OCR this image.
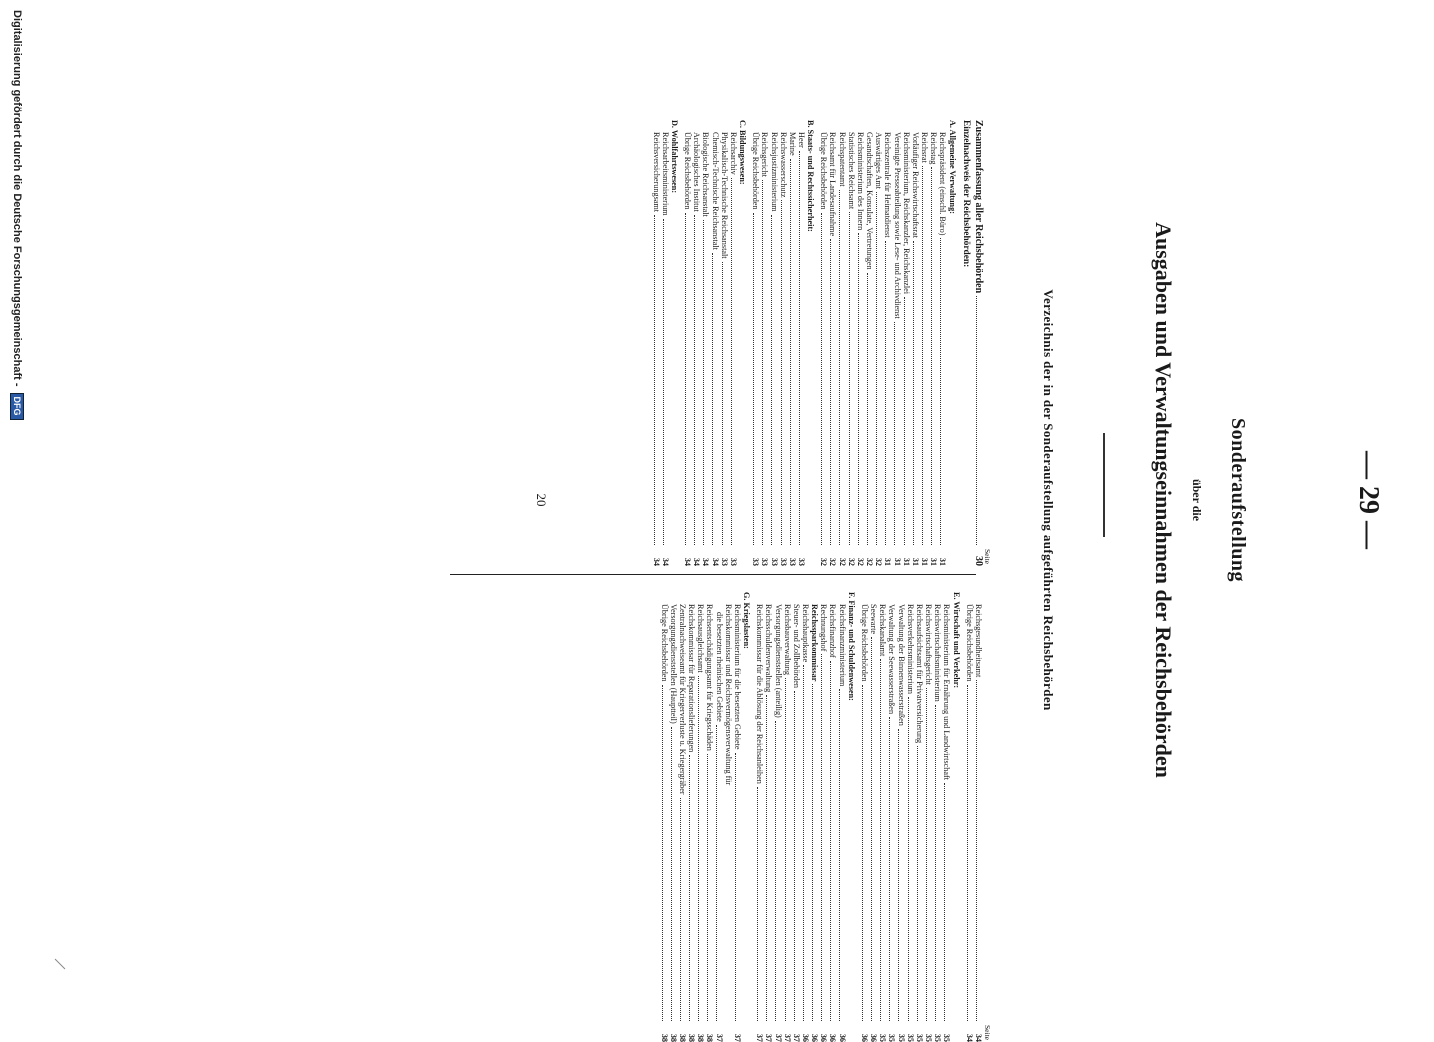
— 29 —
Sonderaufstellung
über die
Ausgaben und Verwaltungseinnahmen der Reichsbehörden
Verzeichnis der in der Sonderaufstellung aufgeführten Reichsbehörden
Seite
Zusammenfassung aller Reichsbehörden
30
Einzelnachweis der Reichsbehörden:
A. Allgemeine Verwaltung:
Reichspräsident (einschl. Büro)
31
Reichstag
31
Reichsrat
31
Vorläufiger Reichswirtschaftsrat
31
Reichsministerium, Reichskanzler, Reichskanzlei
31
Vereinigte Presseabteilung sowie Lese- und Archivdienst
31
Reichszentrale für Heimatdienst
31
Auswärtiges Amt
32
Gesandtschaften, Konsulate, Vertretungen
32
Reichsministerium des Innern
32
Statistisches Reichsamt
32
Reichspatentamt
32
Reichsamt für Landesaufnahme
32
Übrige Reichsbehörden
32
B. Staats- und Rechtssicherheit:
Heer
33
Marine
33
Reichswasserschutz
33
Reichsjustizministerium
33
Reichsgericht
33
Übrige Reichsbehörden
33
C. Bildungswesen:
Reichsarchiv
33
Physikalisch-Technische Reichsanstalt
33
Chemisch-Technische Reichsanstalt
34
Biologische Reichsanstalt
34
Archäologisches Institut
34
Übrige Reichsbehörden
34
D. Wohlfahrtswesen:
Reichsarbeitsministerium
34
Reichsversicherungsamt
34
Seite
Reichsgesundheitsamt
34
Übrige Reichsbehörden
34
E. Wirtschaft und Verkehr:
Reichsministerium für Ernährung und Landwirtschaft
35
Reichswirtschaftsministerium
35
Reichswirtschaftsgericht
35
Reichsaufsichtsamt für Privatversicherung
35
Reichsverkehrsministerium
35
Verwaltung der Binnenwasserstraßen
35
Verwaltung der Seewasserstraßen
35
Reichskanalamt
35
Seewarte
36
Übrige Reichsbehörden
36
F. Finanz- und Schuldenwesen:
Reichsfinanzministerium
36
Reichsfinanzhof
36
Rechnungshof
36
Reichssparkommissar
36
Reichshauptkasse
36
Steuer- und Zollbehörden
37
Reichsbauverwaltung
37
Versorgungsdienststellen (anteilig)
37
Reichsschuldenverwaltung
37
Reichskommissar für die Ablösung der Reichsanleihen
37
G. Kriegslasten:
Reichsministerium für die besetzten Gebiete
37
Reichskommissar und Reichsvermögensverwaltung für
die besetzten rheinischen Gebiete
37
Reichsentschädigungsamt für Kriegsschäden
38
Reichsausgleichsamt
38
Reichskommissar für Reparationslieferungen
38
Zentralnachweiseamt für Kriegerverluste u. Kriegergräber
38
Versorgungsdienststellen (Hauptteil)
38
Übrige Reichsbehörden
38
20
Digitalisierung gefördert durch die Deutsche Forschungsgemeinschaft -
DFG
